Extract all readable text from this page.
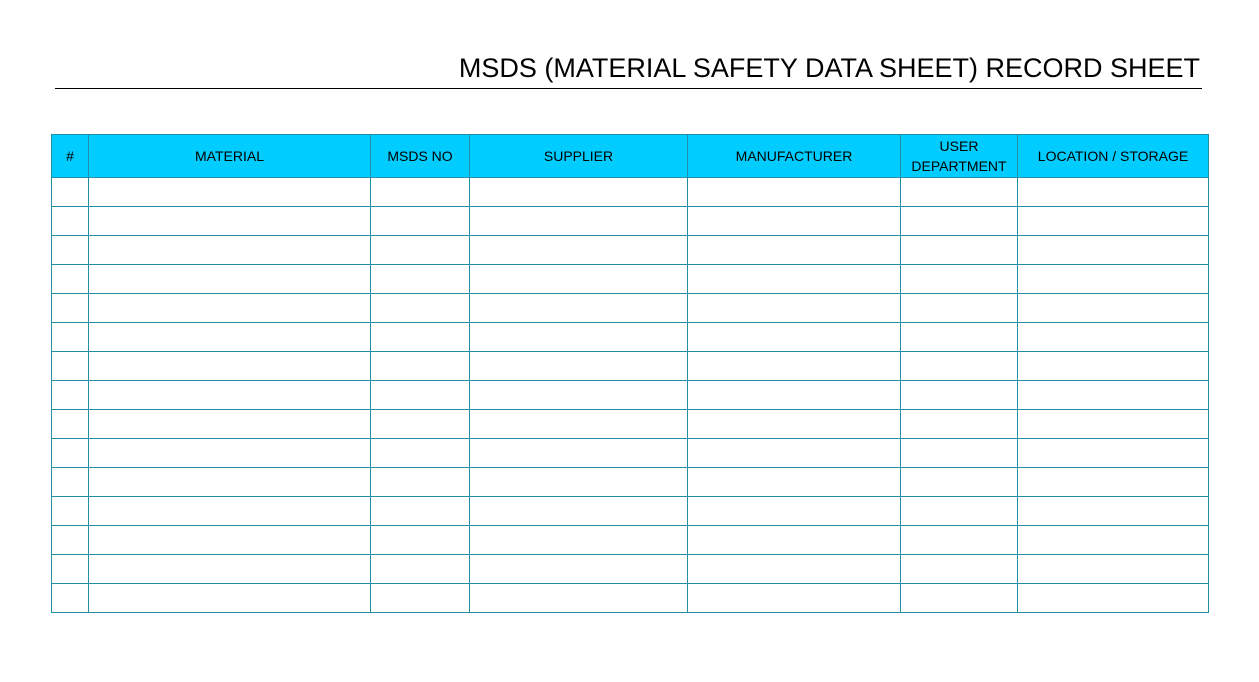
MSDS (MATERIAL SAFETY DATA SHEET) RECORD SHEET
#	MATERIAL	MSDS NO	SUPPLIER	MANUFACTURER	USER DEPARTMENT	LOCATION / STORAGE
